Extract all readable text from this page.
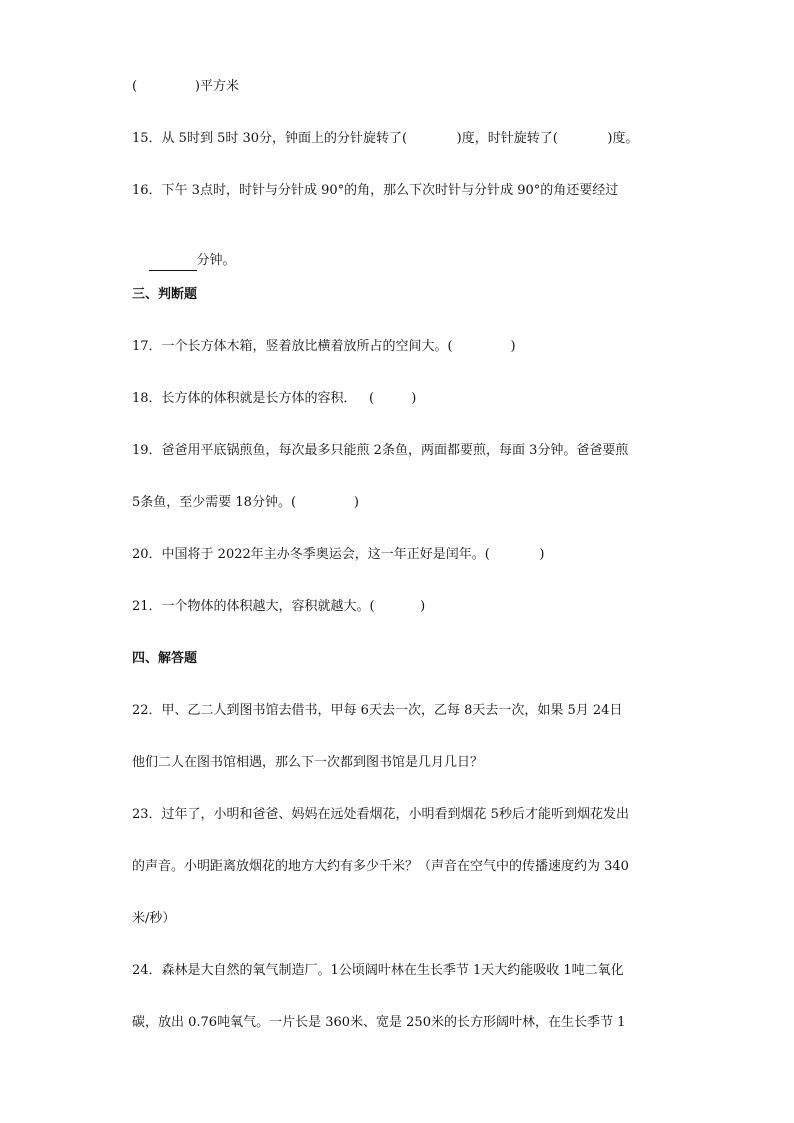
(              )平方米
15．从 5时到 5时 30分，钟面上的分针旋转了(            )度，时针旋转了(            )度。
16．下午 3点时，时针与分针成 90°的角，那么下次时针与分针成 90°的角还要经过

分钟。

三、判断题
17．一个长方体木箱，竖着放比横着放所占的空间大。(              )
18．长方体的体积就是长方体的容积．   (         )
19．爸爸用平底锅煎鱼，每次最多只能煎 2条鱼，两面都要煎，每面 3分钟。爸爸要煎
5条鱼，至少需要 18分钟。(              )
20．中国将于 2022年主办冬季奥运会，这一年正好是闰年。(            )
21．一个物体的体积越大，容积就越大。(           )
四、解答题
22．甲、乙二人到图书馆去借书，甲每 6天去一次，乙每 8天去一次，如果 5月 24日
他们二人在图书馆相遇，那么下一次都到图书馆是几月几日？
23．过年了，小明和爸爸、妈妈在远处看烟花，小明看到烟花 5秒后才能听到烟花发出
的声音。小明距离放烟花的地方大约有多少千米？（声音在空气中的传播速度约为 340
米/秒）
24．森林是大自然的氧气制造厂。1公顷阔叶林在生长季节 1天大约能吸收 1吨二氧化
碳，放出 0.76吨氧气。一片长是 360米、宽是 250米的长方形阔叶林，在生长季节 1
